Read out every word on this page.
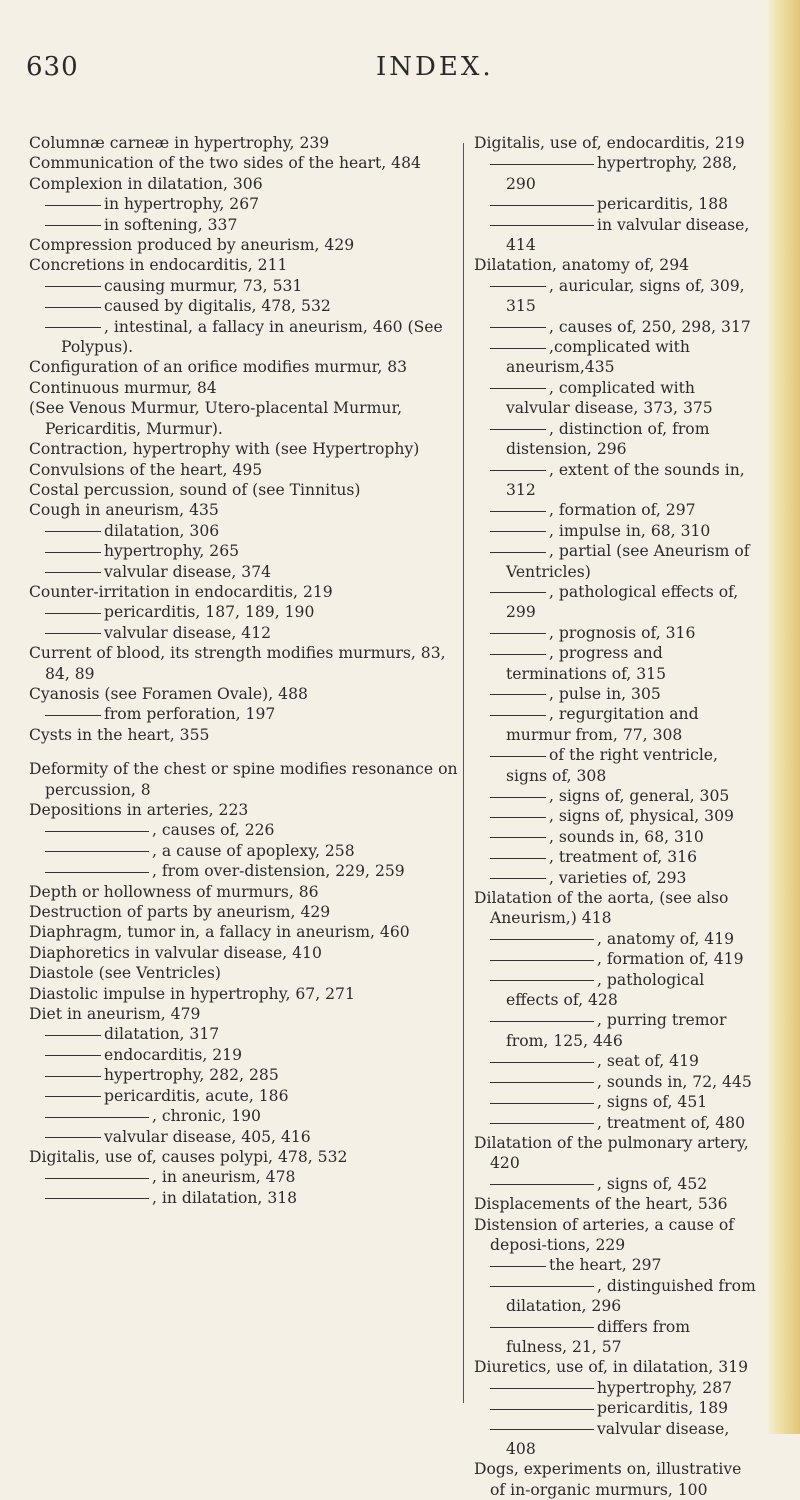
630	INDEX.
Columnæ carneæ in hypertrophy, 239
Communication of the two sides of the heart, 484
Complexion in dilatation, 306
in hypertrophy, 267
in softening, 337
Compression produced by aneurism, 429
Concretions in endocarditis, 211
causing murmur, 73, 531
caused by digitalis, 478, 532
, intestinal, a fallacy in aneurism, 460 (See Polypus).
Configuration of an orifice modifies murmur, 83
Continuous murmur, 84
(See Venous Murmur, Utero-placental Murmur, Pericarditis, Murmur).
Contraction, hypertrophy with (see Hypertrophy)
Convulsions of the heart, 495
Costal percussion, sound of (see Tinnitus)
Cough in aneurism, 435
dilatation, 306
hypertrophy, 265
valvular disease, 374
Counter-irritation in endocarditis, 219
pericarditis, 187, 189, 190
valvular disease, 412
Current of blood, its strength modifies murmurs, 83, 84, 89
Cyanosis (see Foramen Ovale), 488
from perforation, 197
Cysts in the heart, 355
Deformity of the chest or spine modifies resonance on percussion, 8
Depositions in arteries, 223
, causes of, 226
, a cause of apoplexy, 258
, from over-distension, 229, 259
Depth or hollowness of murmurs, 86
Destruction of parts by aneurism, 429
Diaphragm, tumor in, a fallacy in aneurism, 460
Diaphoretics in valvular disease, 410
Diastole (see Ventricles)
Diastolic impulse in hypertrophy, 67, 271
Diet in aneurism, 479
dilatation, 317
endocarditis, 219
hypertrophy, 282, 285
pericarditis, acute, 186
, chronic, 190
valvular disease, 405, 416
Digitalis, use of, causes polypi, 478, 532
, in aneurism, 478
, in dilatation, 318
Digitalis, use of, endocarditis, 219
hypertrophy, 288, 290
pericarditis, 188
in valvular disease, 414
Dilatation, anatomy of, 294
, auricular, signs of, 309, 315
, causes of, 250, 298, 317
,complicated with aneurism,435
, complicated with valvular disease, 373, 375
, distinction of, from distension, 296
, extent of the sounds in, 312
, formation of, 297
, impulse in, 68, 310
, partial (see Aneurism of Ventricles)
, pathological effects of, 299
, prognosis of, 316
, progress and terminations of, 315
, pulse in, 305
, regurgitation and murmur from, 77, 308
of the right ventricle, signs of, 308
, signs of, general, 305
, signs of, physical, 309
, sounds in, 68, 310
, treatment of, 316
, varieties of, 293
Dilatation of the aorta, (see also Aneurism,) 418
, anatomy of, 419
, formation of, 419
, pathological effects of, 428
, purring tremor from, 125, 446
, seat of, 419
, sounds in, 72, 445
, signs of, 451
, treatment of, 480
Dilatation of the pulmonary artery, 420
, signs of, 452
Displacements of the heart, 536
Distension of arteries, a cause of deposi-tions, 229
the heart, 297
, distinguished from dilatation, 296
differs from fulness, 21, 57
Diuretics, use of, in dilatation, 319
hypertrophy, 287
pericarditis, 189
valvular disease, 408
Dogs, experiments on, illustrative of in-organic murmurs, 100
